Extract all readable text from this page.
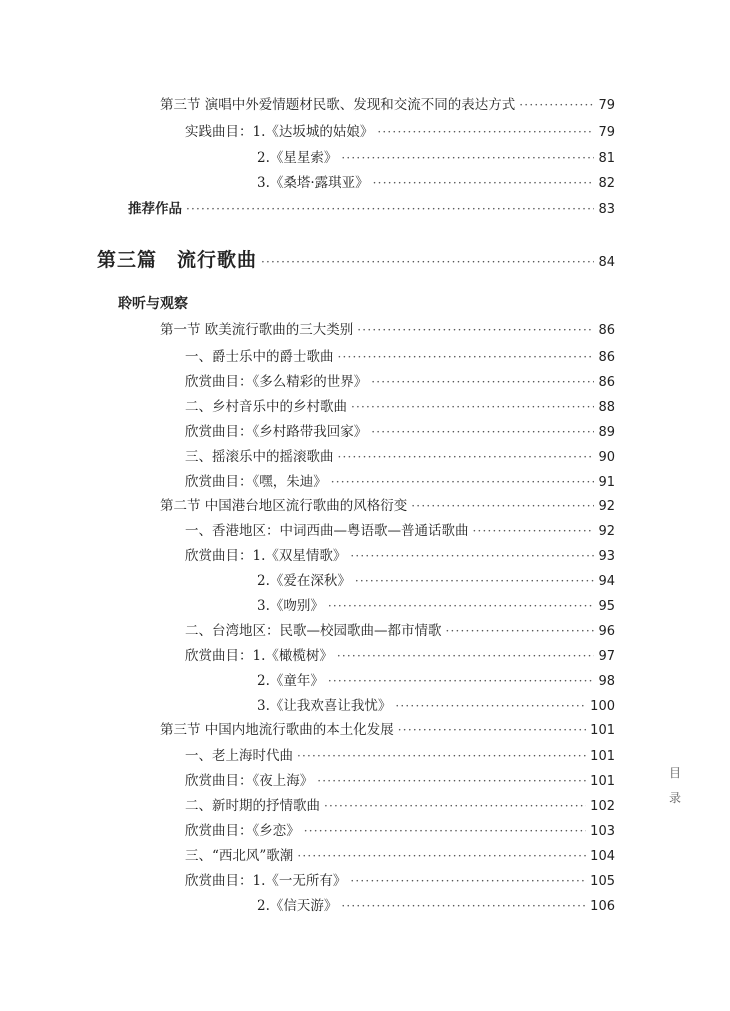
第三节 演唱中外爱情题材民歌、发现和交流不同的表达方式 ·····	79
实践曲目：1.《达坂城的姑娘》 ·····	79
2.《星星索》 ·····	81
3.《桑塔·露琪亚》 ·····	82
推荐作品 ·····	83
第三篇　流行歌曲 ·····	84
第一节 欧美流行歌曲的三大类别 ·····	86
一、爵士乐中的爵士歌曲 ·····	86
欣赏曲目：《多么精彩的世界》 ·····	86
二、乡村音乐中的乡村歌曲 ·····	88
欣赏曲目：《乡村路带我回家》 ·····	89
三、摇滚乐中的摇滚歌曲 ·····	90
欣赏曲目：《嘿，朱迪》 ·····	91
第二节 中国港台地区流行歌曲的风格衍变 ·····	92
一、香港地区：中词西曲—粤语歌—普通话歌曲 ·····	92
欣赏曲目：1.《双星情歌》 ·····	93
2.《爱在深秋》 ·····	94
3.《吻别》 ·····	95
二、台湾地区：民歌—校园歌曲—都市情歌 ·····	96
欣赏曲目：1.《橄榄树》 ·····	97
2.《童年》 ·····	98
3.《让我欢喜让我忧》 ·····	100
第三节 中国内地流行歌曲的本土化发展 ·····	101
一、老上海时代曲 ·····	101
欣赏曲目：《夜上海》 ·····	101
二、新时期的抒情歌曲 ·····	102
欣赏曲目：《乡恋》 ·····	103
三、“西北风”歌潮 ·····	104
欣赏曲目：1.《一无所有》 ·····	105
2.《信天游》 ·····	106
聆听与观察
目
录
